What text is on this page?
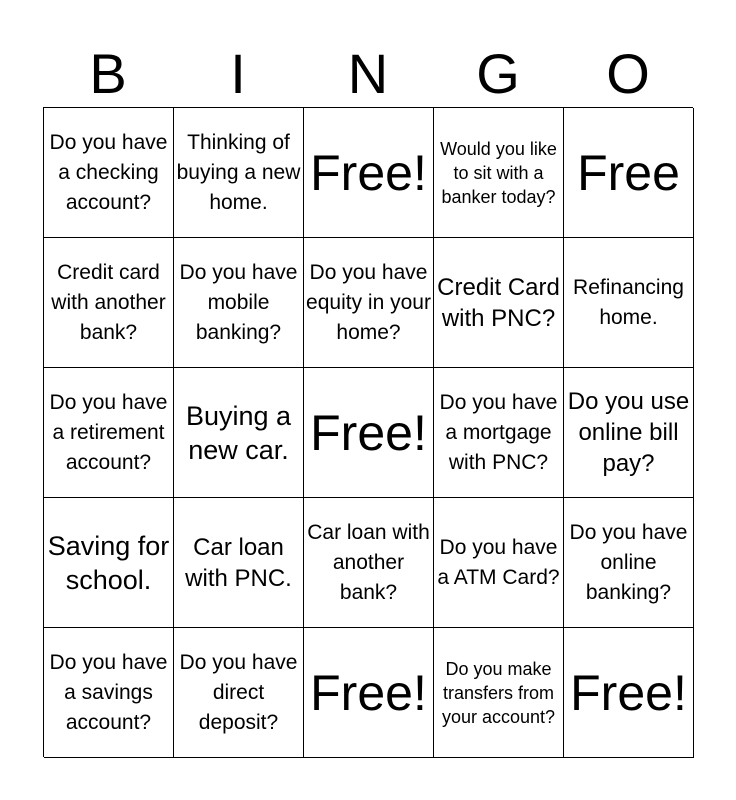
B	I	N	G	O
Do you have a checking account?
Thinking of buying a new home.
Free! Would you like to sit with a banker today? Free
Credit card with another bank?
Do you have mobile banking?
Do you have equity in your home?
Credit Card with PNC?
Refinancing home.
Do you have a retirement account?
Buying a new car. Free!
Do you have a mortgage with PNC?
Do you use online bill pay?
Saving for school.
Car loan with PNC.
Car loan with another bank?
Do you have a ATM Card?
Do you have online banking?
Do you have a savings account?
Do you have direct deposit?
Free!	Do you make transfers from your account? Free!
